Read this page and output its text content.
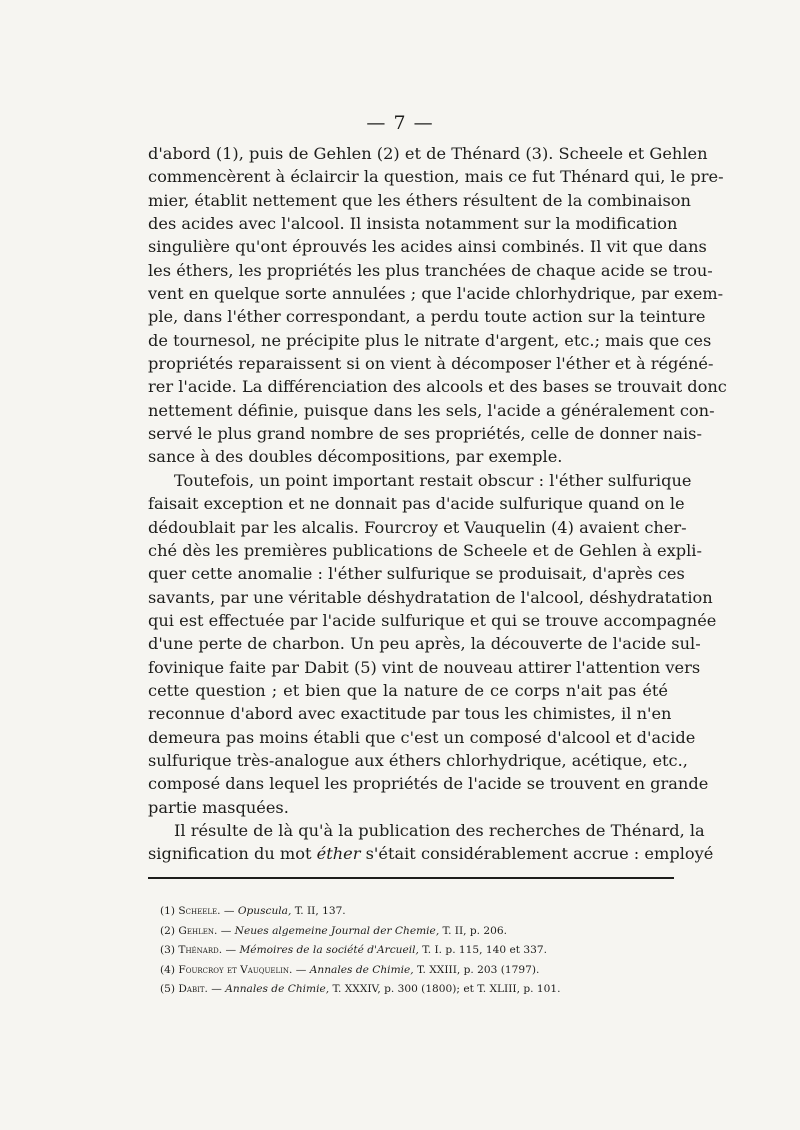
— 7 —
d'abord (1), puis de Gehlen (2) et de Thénard (3). Scheele et Gehlen
commencèrent à éclaircir la question, mais ce fut Thénard qui, le pre-
mier, établit nettement que les éthers résultent de la combinaison
des acides avec l'alcool. Il insista notamment sur la modification
singulière qu'ont éprouvés les acides ainsi combinés. Il vit que dans
les éthers, les propriétés les plus tranchées de chaque acide se trou-
vent en quelque sorte annulées ; que l'acide chlorhydrique, par exem-
ple, dans l'éther correspondant, a perdu toute action sur la teinture
de tournesol, ne précipite plus le nitrate d'argent, etc.; mais que ces
propriétés reparaissent si on vient à décomposer l'éther et à régéné-
rer l'acide. La différenciation des alcools et des bases se trouvait donc
nettement définie, puisque dans les sels, l'acide a généralement con-
servé le plus grand nombre de ses propriétés, celle de donner nais-
sance à des doubles décompositions, par exemple.
Toutefois, un point important restait obscur : l'éther sulfurique
faisait exception et ne donnait pas d'acide sulfurique quand on le
dédoublait par les alcalis. Fourcroy et Vauquelin (4) avaient cher-
ché dès les premières publications de Scheele et de Gehlen à expli-
quer cette anomalie : l'éther sulfurique se produisait, d'après ces
savants, par une véritable déshydratation de l'alcool, déshydratation
qui est effectuée par l'acide sulfurique et qui se trouve accompagnée
d'une perte de charbon. Un peu après, la découverte de l'acide sul-
fovinique faite par Dabit (5) vint de nouveau attirer l'attention vers
cette question ; et bien que la nature de ce corps n'ait pas été
reconnue d'abord avec exactitude par tous les chimistes, il n'en
demeura pas moins établi que c'est un composé d'alcool et d'acide
sulfurique très-analogue aux éthers chlorhydrique, acétique, etc.,
composé dans lequel les propriétés de l'acide se trouvent en grande
partie masquées.
Il résulte de là qu'à la publication des recherches de Thénard, la
signification du mot éther s'était considérablement accrue : employé
(1) Scheele. — Opuscula, T. II, 137.
(2) Gehlen. — Neues algemeine Journal der Chemie, T. II, p. 206.
(3) Thénard. — Mémoires de la société d'Arcueil, T. I. p. 115, 140 et 337.
(4) Fourcroy et Vauquelin. — Annales de Chimie, T. XXIII, p. 203 (1797).
(5) Dabit. — Annales de Chimie, T. XXXIV, p. 300 (1800); et T. XLIII, p. 101.
